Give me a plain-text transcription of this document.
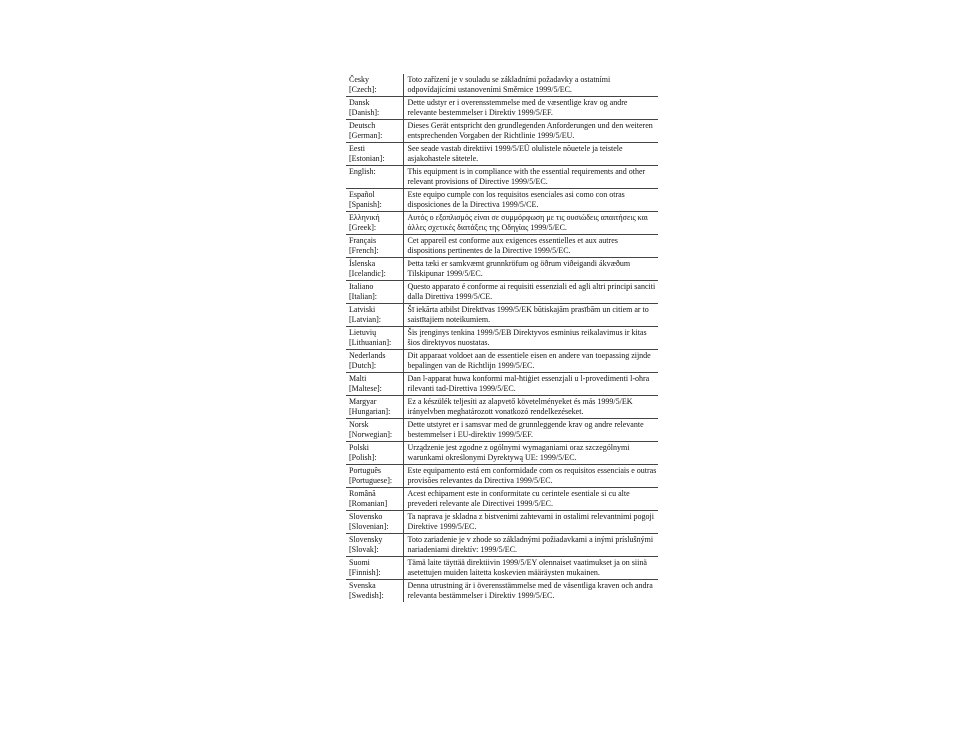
Česky
[Czech]:	Toto zařízení je v souladu se základními požadavky a ostatními odpovídajícími ustanoveními Směrnice 1999/5/EC.

Dansk
[Danish]:	Dette udstyr er i overensstemmelse med de væsentlige krav og andre relevante bestemmelser i Direktiv 1999/5/EF.

Deutsch
[German]:	Dieses Gerät entspricht den grundlegenden Anforderungen und den weiteren entsprechenden Vorgaben der Richtlinie 1999/5/EU.

Eesti
[Estonian]:	See seade vastab direktiivi 1999/5/EÜ olulistele nõuetele ja teistele asjakohastele sätetele.

English:	This equipment is in compliance with the essential requirements and other relevant provisions of Directive 1999/5/EC.

Español
[Spanish]:	Este equipo cumple con los requisitos esenciales asi como con otras disposiciones de la Directiva 1999/5/CE.

Ελληνική
[Greek]:	Αυτός ο εξοπλισμός είναι σε συμμόρφωση με τις ουσιώδεις απαιτήσεις και άλλες σχετικές διατάξεις της Οδηγίας 1999/5/EC.

Français
[French]:	Cet appareil est conforme aux exigences essentielles et aux autres dispositions pertinentes de la Directive 1999/5/EC.

Íslenska
[Icelandic]:	Þetta tæki er samkvæmt grunnkröfum og öðrum viðeigandi ákvæðum Tilskipunar 1999/5/EC.

Italiano
[Italian]:	Questo apparato é conforme ai requisiti essenziali ed agli altri principi sanciti dalla Direttiva 1999/5/CE.

Latviski
[Latvian]:	Šī iekārta atbilst Direktīvas 1999/5/EK būtiskajām prasībām un citiem ar to saistītajiem noteikumiem.

Lietuvių
[Lithuanian]:	Šis įrenginys tenkina 1999/5/EB Direktyvos esminius reikalavimus ir kitas šios direktyvos nuostatas.

Nederlands
[Dutch]:	Dit apparaat voldoet aan de essentiele eisen en andere van toepassing zijnde bepalingen van de Richtlijn 1999/5/EC.

Malti
[Maltese]:	Dan l-apparat huwa konformi mal-ħtiġiet essenzjali u l-provedimenti l-oħra rilevanti tad-Direttiva 1999/5/EC.

Margyar
[Hungarian]:	Ez a készülék teljesíti az alapvető követelményeket és más 1999/5/EK irányelvben meghatározott vonatkozó rendelkezéseket.

Norsk
[Norwegian]:	Dette utstyret er i samsvar med de grunnleggende krav og andre relevante bestemmelser i EU-direktiv 1999/5/EF.

Polski
[Polish]:	Urządzenie jest zgodne z ogólnymi wymaganiami oraz szczególnymi warunkami określonymi Dyrektywą UE: 1999/5/EC.

Português
[Portuguese]:	Este equipamento está em conformidade com os requisitos essenciais e outras provisões relevantes da Directiva 1999/5/EC.

Română
[Romanian]	Acest echipament este in conformitate cu cerintele esentiale si cu alte prevederi relevante ale Directivei 1999/5/EC.

Slovensko
[Slovenian]:	Ta naprava je skladna z bistvenimi zahtevami in ostalimi relevantnimi pogoji Direktive 1999/5/EC.

Slovensky
[Slovak]:	Toto zariadenie je v zhode so základnými požiadavkami a inými príslušnými nariadeniami direktív: 1999/5/EC.

Suomi
[Finnish]:	Tämä laite täyttää direktiivin 1999/5/EY olennaiset vaatimukset ja on siinä asetettujen muiden laitetta koskevien määräysten mukainen.

Svenska
[Swedish]:	Denna utrustning är i överensstämmelse med de väsentliga kraven och andra relevanta bestämmelser i Direktiv 1999/5/EC.
